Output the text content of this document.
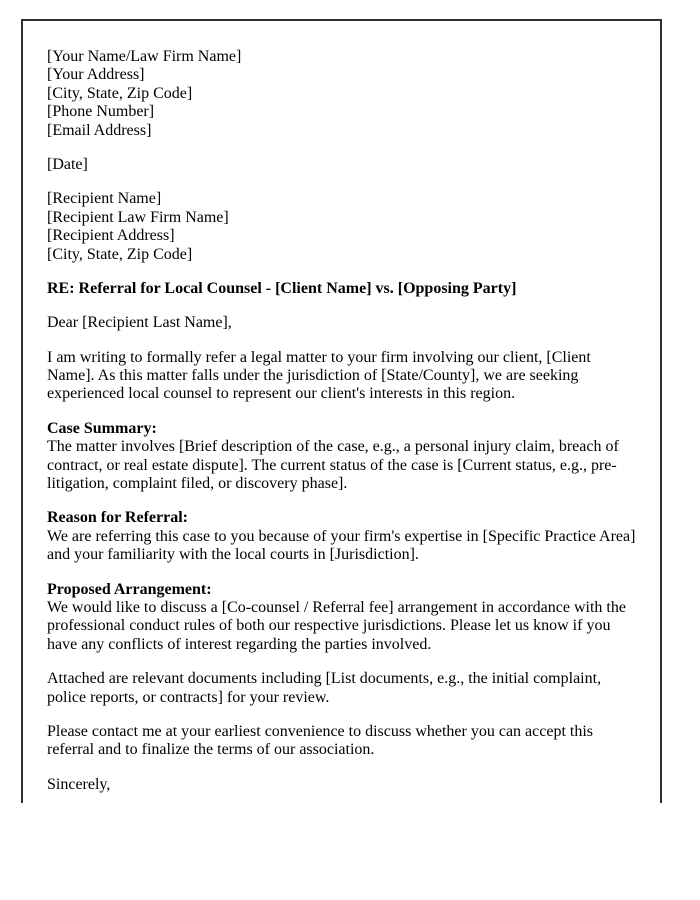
[Your Name/Law Firm Name]
[Your Address]
[City, State, Zip Code]
[Phone Number]
[Email Address]

[Date]

[Recipient Name]
[Recipient Law Firm Name]
[Recipient Address]
[City, State, Zip Code]

RE: Referral for Local Counsel - [Client Name] vs. [Opposing Party]

Dear [Recipient Last Name],

I am writing to formally refer a legal matter to your firm involving our client, [Client Name]. As this matter falls under the jurisdiction of [State/County], we are seeking experienced local counsel to represent our client's interests in this region.

Case Summary:
The matter involves [Brief description of the case, e.g., a personal injury claim, breach of contract, or real estate dispute]. The current status of the case is [Current status, e.g., pre-litigation, complaint filed, or discovery phase].

Reason for Referral:
We are referring this case to you because of your firm's expertise in [Specific Practice Area] and your familiarity with the local courts in [Jurisdiction].

Proposed Arrangement:
We would like to discuss a [Co-counsel / Referral fee] arrangement in accordance with the professional conduct rules of both our respective jurisdictions. Please let us know if you have any conflicts of interest regarding the parties involved.

Attached are relevant documents including [List documents, e.g., the initial complaint, police reports, or contracts] for your review.

Please contact me at your earliest convenience to discuss whether you can accept this referral and to finalize the terms of our association.

Sincerely,
